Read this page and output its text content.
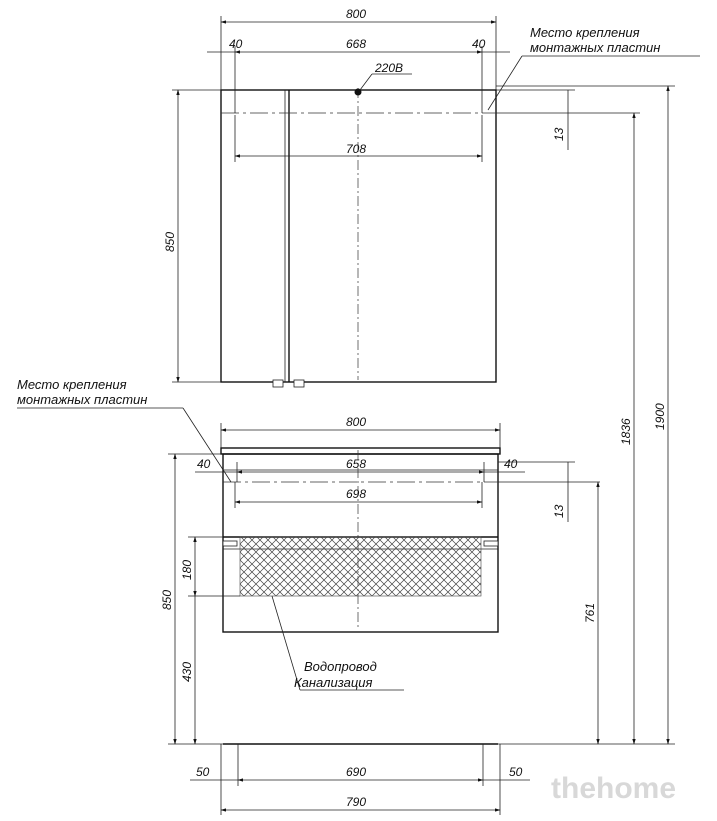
800
40	668	40
220В
708
13
Место крепления
монтажных пластин
850
1836
1900
Место крепления
монтажных пластин
800
40	658	40
698
13
761
850
180
430	Водопровод
Канализация
50	690	50
790	thehome
